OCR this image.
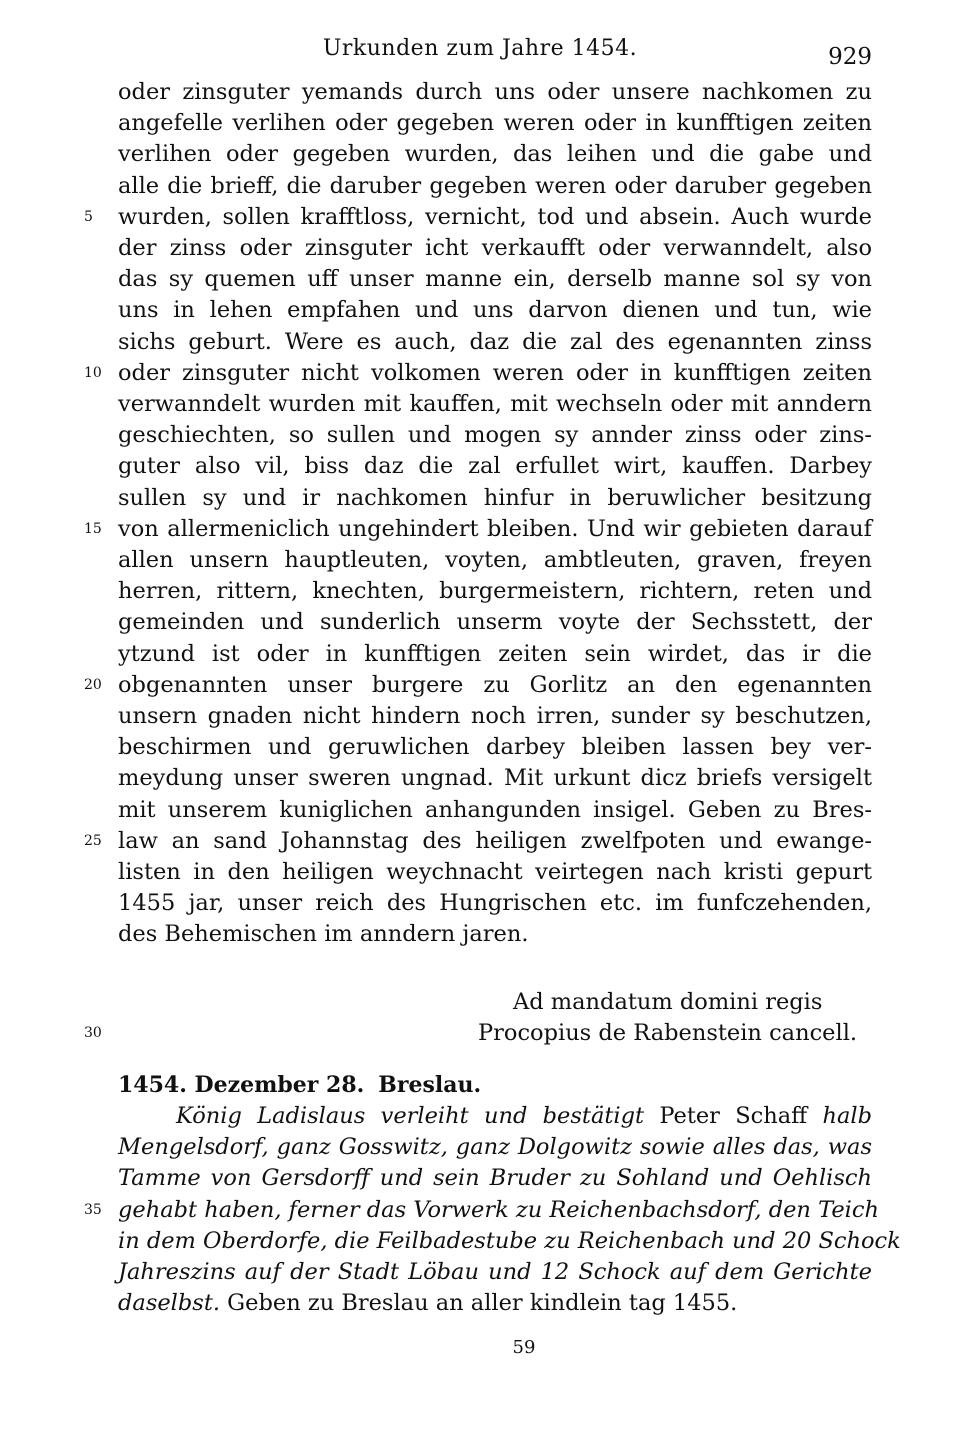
Urkunden zum Jahre 1454.	929
oder zinsguter yemands durch uns oder unsere nachkomen zu
angefelle verlihen oder gegeben weren oder in kunfftigen zeiten
verlihen oder gegeben wurden, das leihen und die gabe und
alle die brieff, die daruber gegeben weren oder daruber gegeben
wurden, sollen krafftloss, vernicht, tod und absein. Auch wurde
der zinss oder zinsguter icht verkaufft oder verwanndelt, also
das sy quemen uff unser manne ein, derselb manne sol sy von
uns in lehen empfahen und uns darvon dienen und tun, wie
sichs geburt. Were es auch, daz die zal des egenannten zinss
oder zinsguter nicht volkomen weren oder in kunfftigen zeiten
verwanndelt wurden mit kauffen, mit wechseln oder mit anndern
geschiechten, so sullen und mogen sy annder zinss oder zins-
guter also vil, biss daz die zal erfullet wirt, kauffen. Darbey
sullen sy und ir nachkomen hinfur in beruwlicher besitzung
von allermeniclich ungehindert bleiben. Und wir gebieten darauf
allen unsern hauptleuten, voyten, ambtleuten, graven, freyen
herren, rittern, knechten, burgermeistern, richtern, reten und
gemeinden und sunderlich unserm voyte der Sechsstett, der
ytzund ist oder in kunfftigen zeiten sein wirdet, das ir die
obgenannten unser burgere zu Gorlitz an den egenannten
unsern gnaden nicht hindern noch irren, sunder sy beschutzen,
beschirmen und geruwlichen darbey bleiben lassen bey ver-
meydung unser sweren ungnad. Mit urkunt dicz briefs versigelt
mit unserem kuniglichen anhangunden insigel. Geben zu Bres-
law an sand Johannstag des heiligen zwelfpoten und ewange-
listen in den heiligen weychnacht veirtegen nach kristi gepurt
1455 jar, unser reich des Hungrischen etc. im funfczehenden,
des Behemischen im anndern jaren.
5
10
15
20
25
30
35
Ad mandatum domini regis
Procopius de Rabenstein cancell.
1454. Dezember 28. Breslau.
König Ladislaus verleiht und bestätigt Peter Schaff halb
Mengelsdorf, ganz Gosswitz, ganz Dolgowitz sowie alles das, was
Tamme von Gersdorff und sein Bruder zu Sohland und Oehlisch
gehabt haben, ferner das Vorwerk zu Reichenbachsdorf, den Teich
in dem Oberdorfe, die Feilbadestube zu Reichenbach und 20 Schock
Jahreszins auf der Stadt Löbau und 12 Schock auf dem Gerichte
daselbst. Geben zu Breslau an aller kindlein tag 1455.
59
